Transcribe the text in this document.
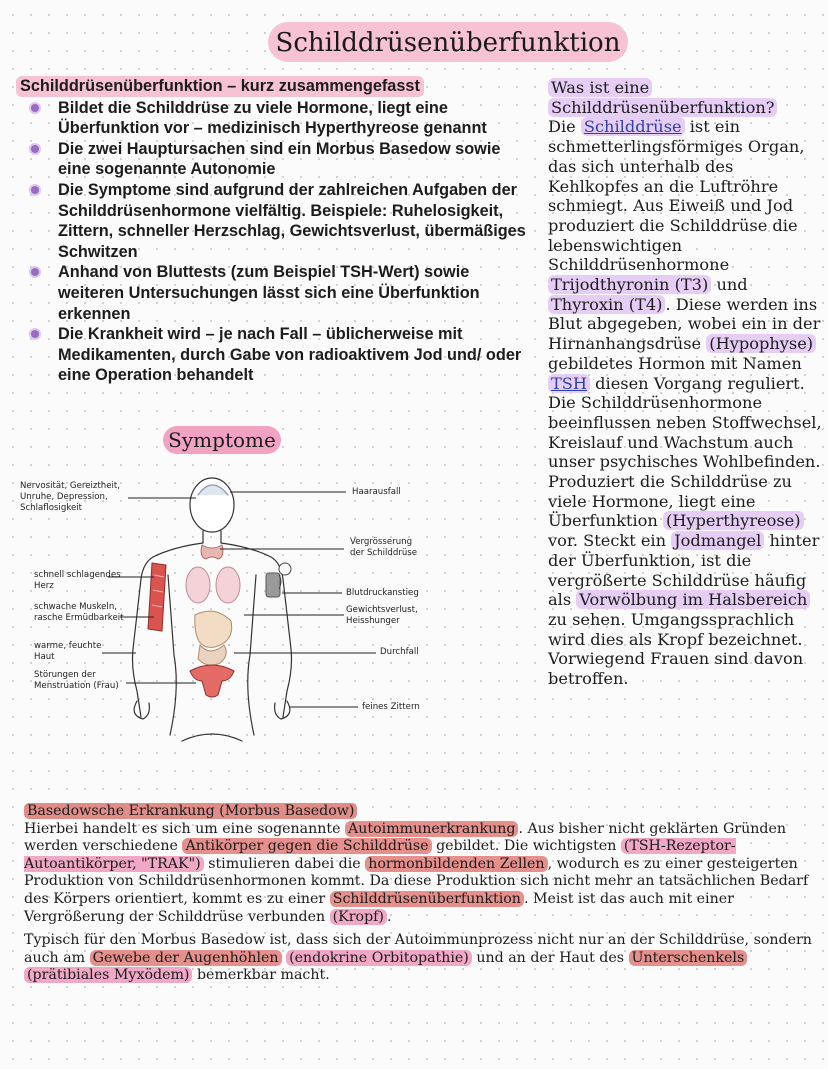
Schilddrüsenüberfunktion
Schilddrüsenüberfunktion – kurz zusammengefasst
Bildet die Schilddrüse zu viele Hormone, liegt eine Überfunktion vor – medizinisch Hyperthyreose genannt
Die zwei Hauptursachen sind ein Morbus Basedow sowie eine sogenannte Autonomie
Die Symptome sind aufgrund der zahlreichen Aufgaben der Schilddrüsenhormone vielfältig. Beispiele: Ruhelosigkeit, Zittern, schneller Herzschlag, Gewichtsverlust, übermäßiges Schwitzen
Anhand von Bluttests (zum Beispiel TSH-Wert) sowie weiteren Untersuchungen lässt sich eine Überfunktion erkennen
Die Krankheit wird – je nach Fall – üblicherweise mit Medikamenten, durch Gabe von radioaktivem Jod und/ oder eine Operation behandelt
Was ist eine
Schilddrüsenüberfunktion?
Die Schilddrüse ist ein schmetterlingsförmiges Organ, das sich unterhalb des Kehlkopfes an die Luftröhre schmiegt. Aus Eiweiß und Jod produziert die Schilddrüse die lebenswichtigen Schilddrüsenhormone Trijodthyronin (T3) und Thyroxin (T4) . Diese werden ins Blut abgegeben, wobei ein in der Hirnanhangsdrüse (Hypophyse) gebildetes Hormon mit Namen TSH diesen Vorgang reguliert. Die Schilddrüsenhormone beeinflussen neben Stoffwechsel, Kreislauf und Wachstum auch unser psychisches Wohlbefinden. Produziert die Schilddrüse zu viele Hormone, liegt eine Überfunktion (Hyperthyreose) vor. Steckt ein Jodmangel hinter der Überfunktion, ist die vergrößerte Schilddrüse häufig als Vorwölbung im Halsbereich zu sehen. Umgangssprachlich wird dies als Kropf bezeichnet. Vorwiegend Frauen sind davon betroffen.
Symptome
Nervosität, Gereiztheit,
Unruhe, Depression,
Schlaflosigkeit
schnell schlagendes
Herz
schwache Muskeln,
rasche Ermüdbarkeit
warme, feuchte
Haut
Störungen der
Menstruation (Frau)
Haarausfall
Vergrösserung
der Schilddrüse
Blutdruckanstieg
Gewichtsverlust,
Heisshunger
Durchfall
feines Zittern
Basedowsche Erkrankung (Morbus Basedow)

Hierbei handelt es sich um eine sogenannte Autoimmunerkrankung . Aus bisher nicht geklärten Gründen werden verschiedene Antikörper gegen die Schilddrüse gebildet. Die wichtigsten (TSH-Rezeptor-Autoantikörper, "TRAK") stimulieren dabei die hormonbildenden Zellen , wodurch es zu einer gesteigerten Produktion von Schilddrüsenhormonen kommt. Da diese Produktion sich nicht mehr an tatsächlichen Bedarf des Körpers orientiert, kommt es zu einer Schilddrüsenüberfunktion . Meist ist das auch mit einer Vergrößerung der Schilddrüse verbunden (Kropf) .

Typisch für den Morbus Basedow ist, dass sich der Autoimmunprozess nicht nur an der Schilddrüse, sondern auch am Gewebe der Augenhöhlen (endokrine Orbitopathie) und an der Haut des Unterschenkels (prätibiales Myxödem) bemerkbar macht.
